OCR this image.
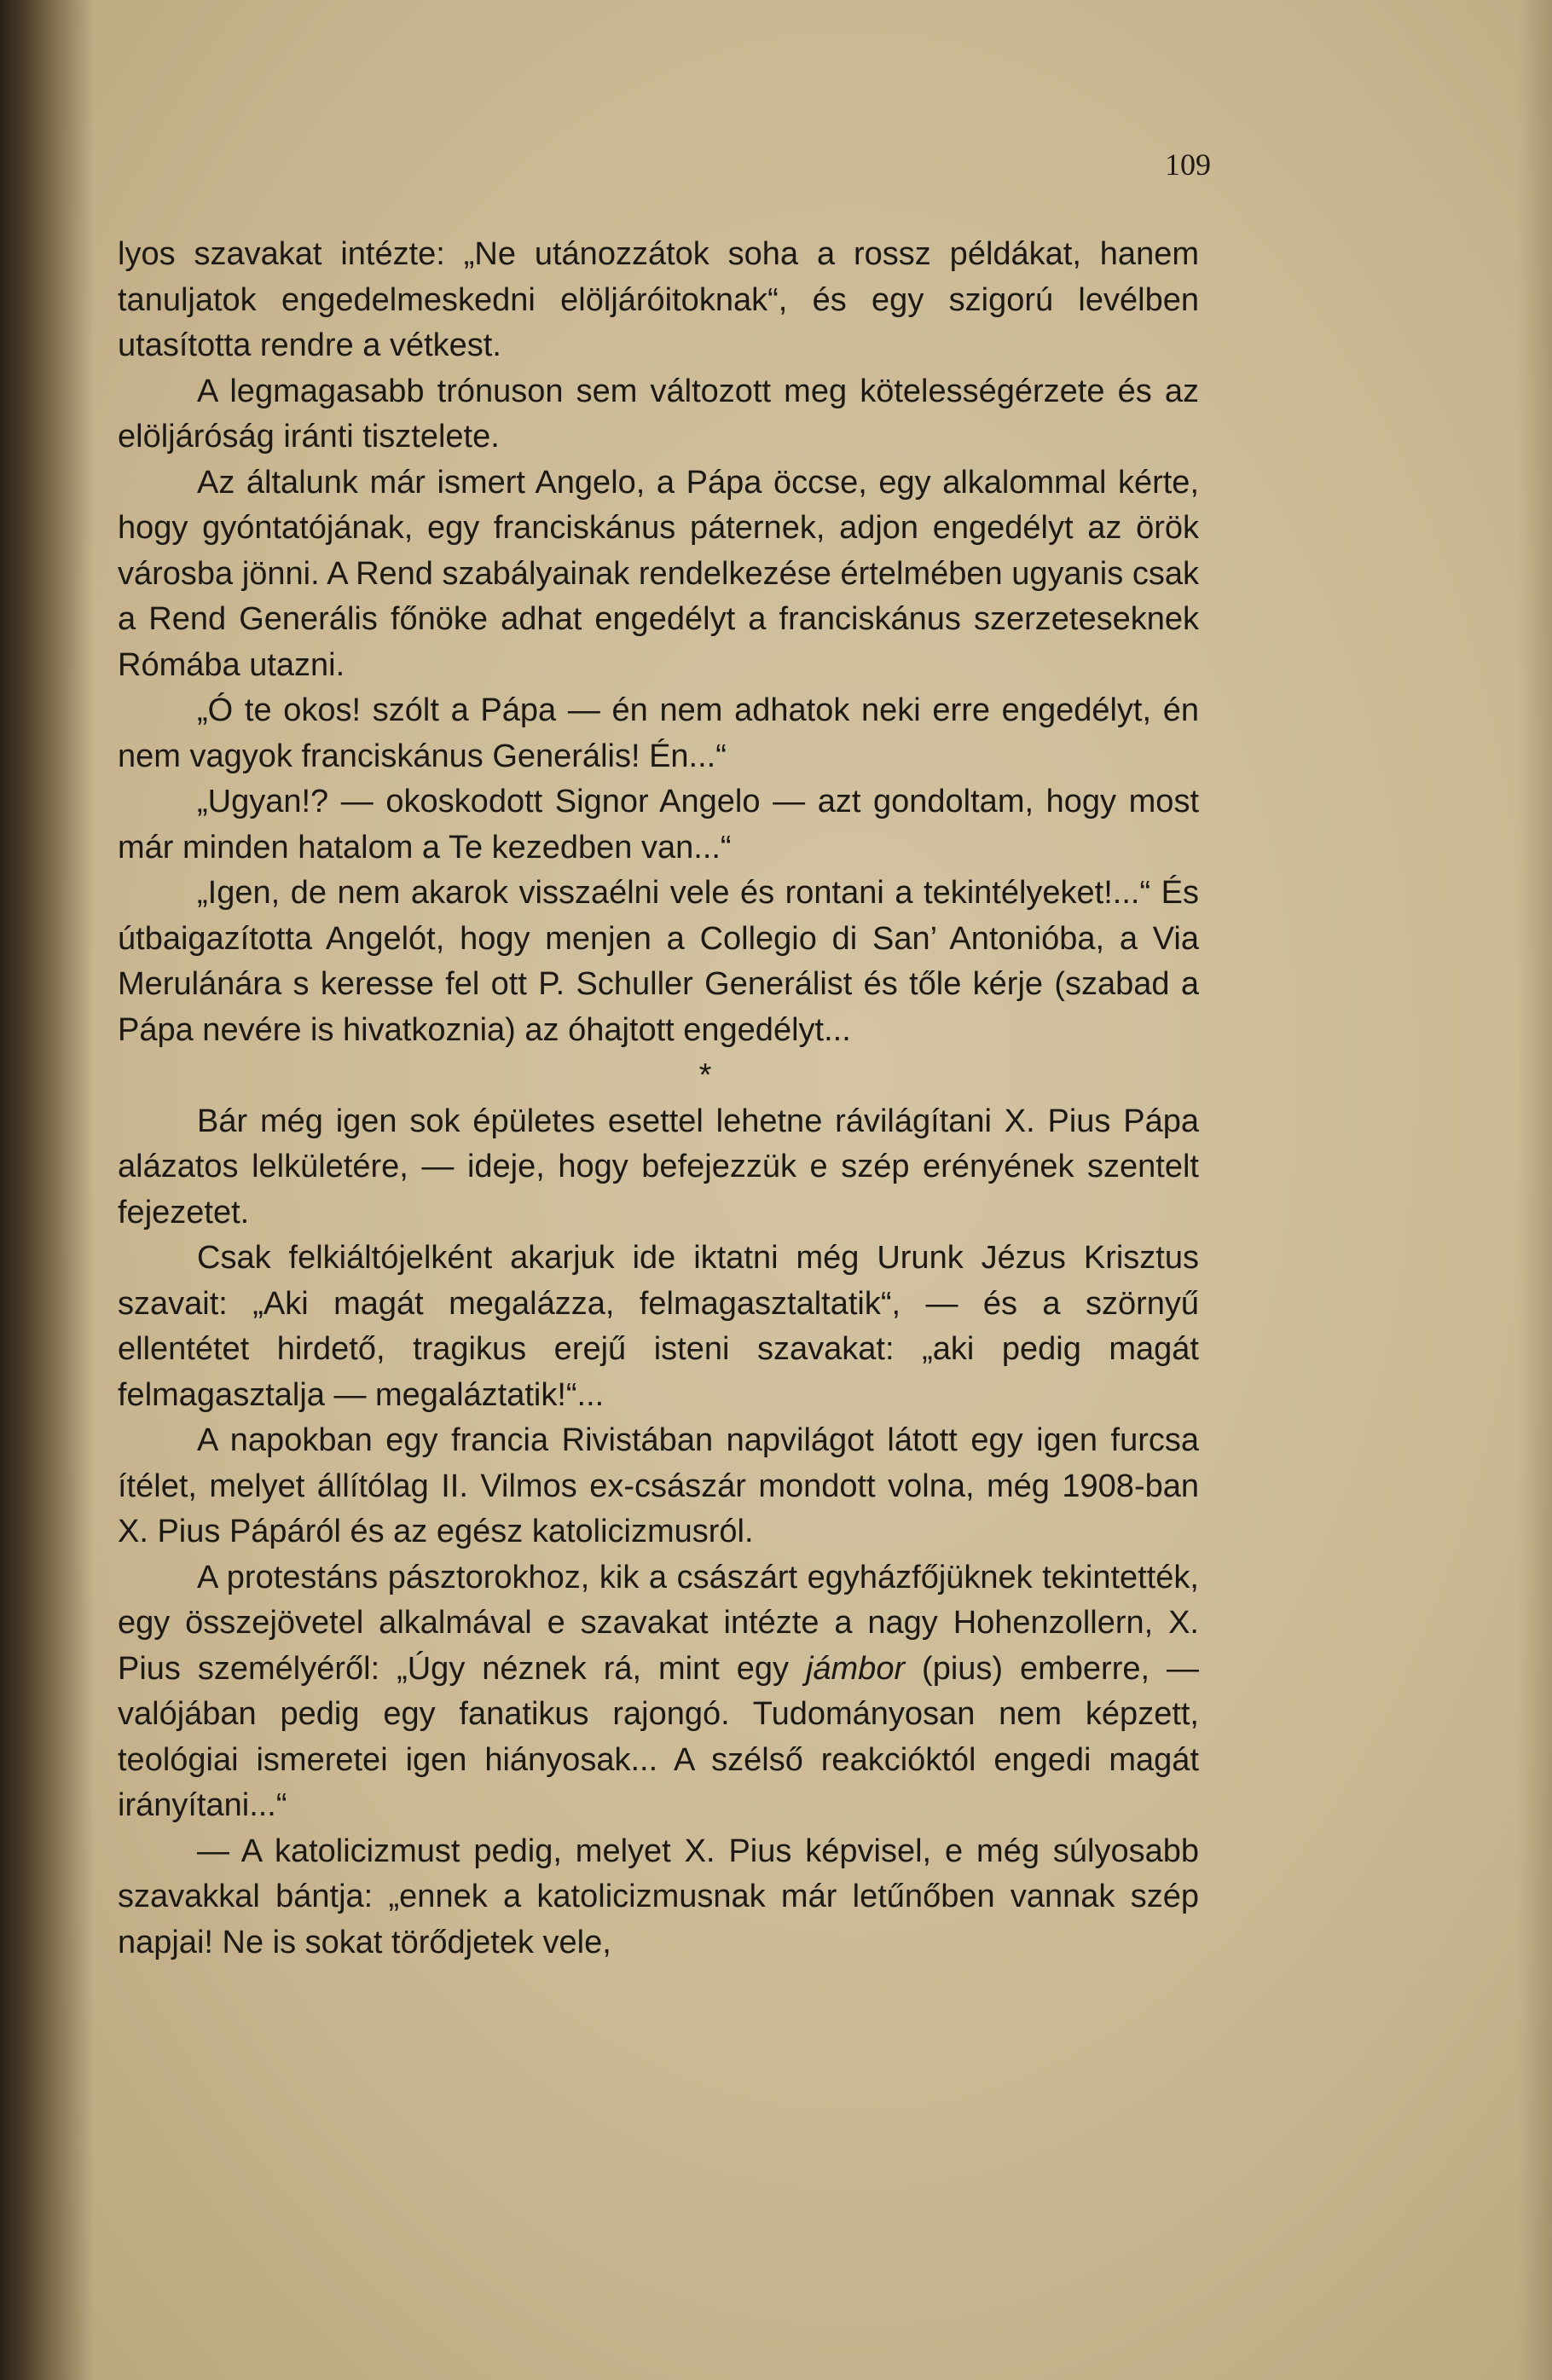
109

lyos szavakat intézte: „Ne utánozzátok soha a rossz példákat, hanem tanuljatok engedelmeskedni elöljáróitoknak“, és egy szigorú levélben utasította rendre a vétkest.

A legmagasabb trónuson sem változott meg kötelességérzete és az elöljáróság iránti tisztelete.

Az általunk már ismert Angelo, a Pápa öccse, egy alkalommal kérte, hogy gyóntatójának, egy franciskánus páternek, adjon engedélyt az örök városba jönni. A Rend szabályainak rendelkezése értelmében ugyanis csak a Rend Generális főnöke adhat engedélyt a franciskánus szerzeteseknek Rómába utazni.

„Ó te okos! szólt a Pápa — én nem adhatok neki erre engedélyt, én nem vagyok franciskánus Generális! Én...“

„Ugyan!? — okoskodott Signor Angelo — azt gondoltam, hogy most már minden hatalom a Te kezedben van...“

„Igen, de nem akarok visszaélni vele és rontani a tekintélyeket!...“ És útbaigazította Angelót, hogy menjen a Collegio di San’ Antonióba, a Via Merulánára s keresse fel ott P. Schuller Generálist és tőle kérje (szabad a Pápa nevére is hivatkoznia) az óhajtott engedélyt...

*

Bár még igen sok épületes esettel lehetne rávilágítani X. Pius Pápa alázatos lelkületére, — ideje, hogy befejezzük e szép erényének szentelt fejezetet.

Csak felkiáltójelként akarjuk ide iktatni még Urunk Jézus Krisztus szavait: „Aki magát megalázza, felmagasztaltatik“, — és a szörnyű ellentétet hirdető, tragikus erejű isteni szavakat: „aki pedig magát felmagasztalja — megaláztatik!“...

A napokban egy francia Rivistában napvilágot látott egy igen furcsa ítélet, melyet állítólag II. Vilmos ex-császár mondott volna, még 1908-ban X. Pius Pápáról és az egész katolicizmusról.

A protestáns pásztorokhoz, kik a császárt egyházfőjüknek tekintették, egy összejövetel alkalmával e szavakat intézte a nagy Hohenzollern, X. Pius személyéről: „Úgy néznek rá, mint egy jámbor (pius) emberre, — valójában pedig egy fanatikus rajongó. Tudományosan nem képzett, teológiai ismeretei igen hiányosak... A szélső reakcióktól engedi magát irányítani...“

— A katolicizmust pedig, melyet X. Pius képvisel, e még súlyosabb szavakkal bántja: „ennek a katolicizmusnak már letűnőben vannak szép napjai! Ne is sokat törődjetek vele,
